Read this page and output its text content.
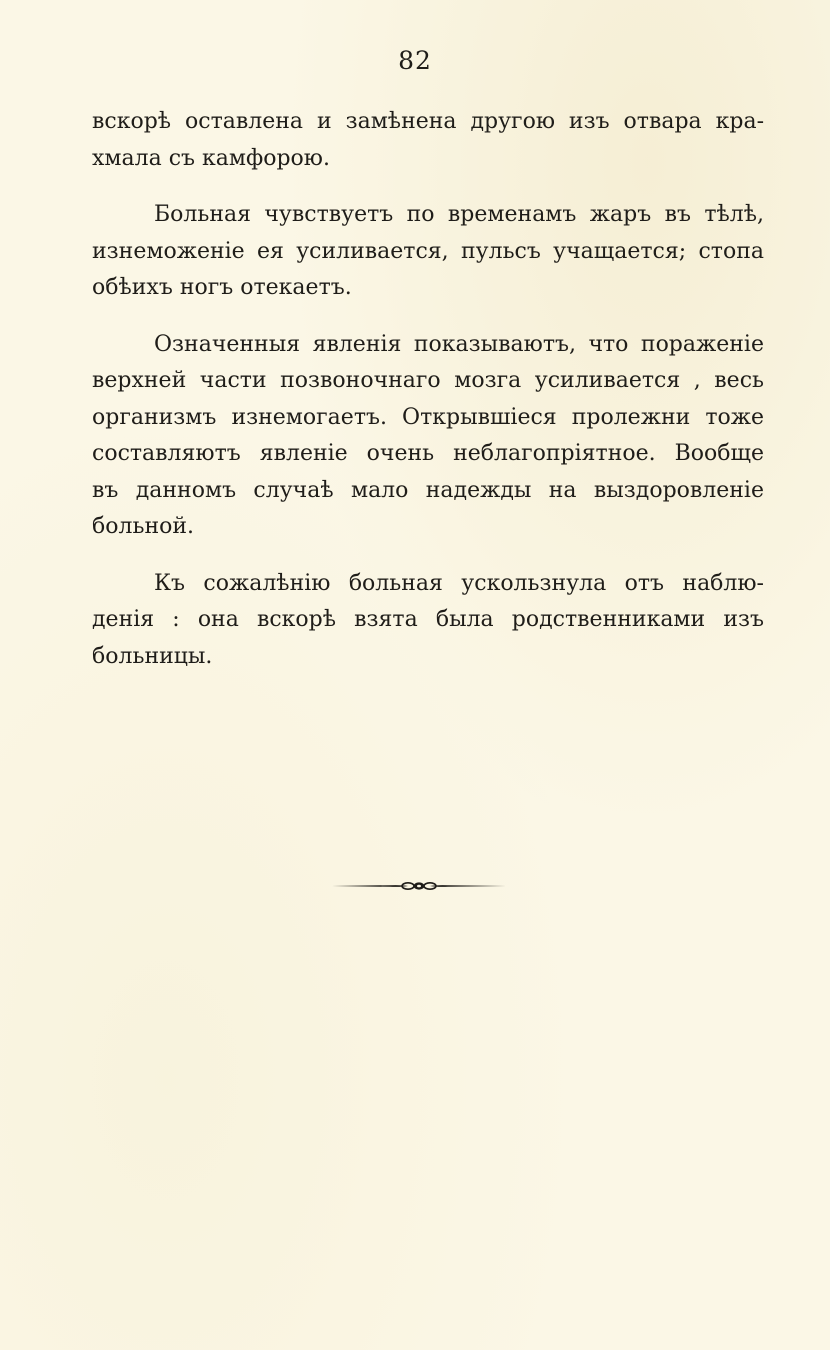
82
вскорѣ оставлена и замѣнена другою изъ отвара кра-
хмала съ камфорою.
Больная чувствуетъ по временамъ жаръ въ тѣлѣ,
изнеможеніе ея усиливается, пульсъ учащается; стопа
обѣихъ ногъ отекаетъ.
Означенныя явленія показываютъ, что пораженіе
верхней части позвоночнаго мозга усиливается , весь
организмъ изнемогаетъ. Открывшіеся пролежни тоже
составляютъ явленіе очень неблагопріятное. Вообще
въ данномъ случаѣ мало надежды на выздоровленіе
больной.
Къ сожалѣнію больная ускользнула отъ наблю-
денія : она вскорѣ взята была родственниками изъ
больницы.
